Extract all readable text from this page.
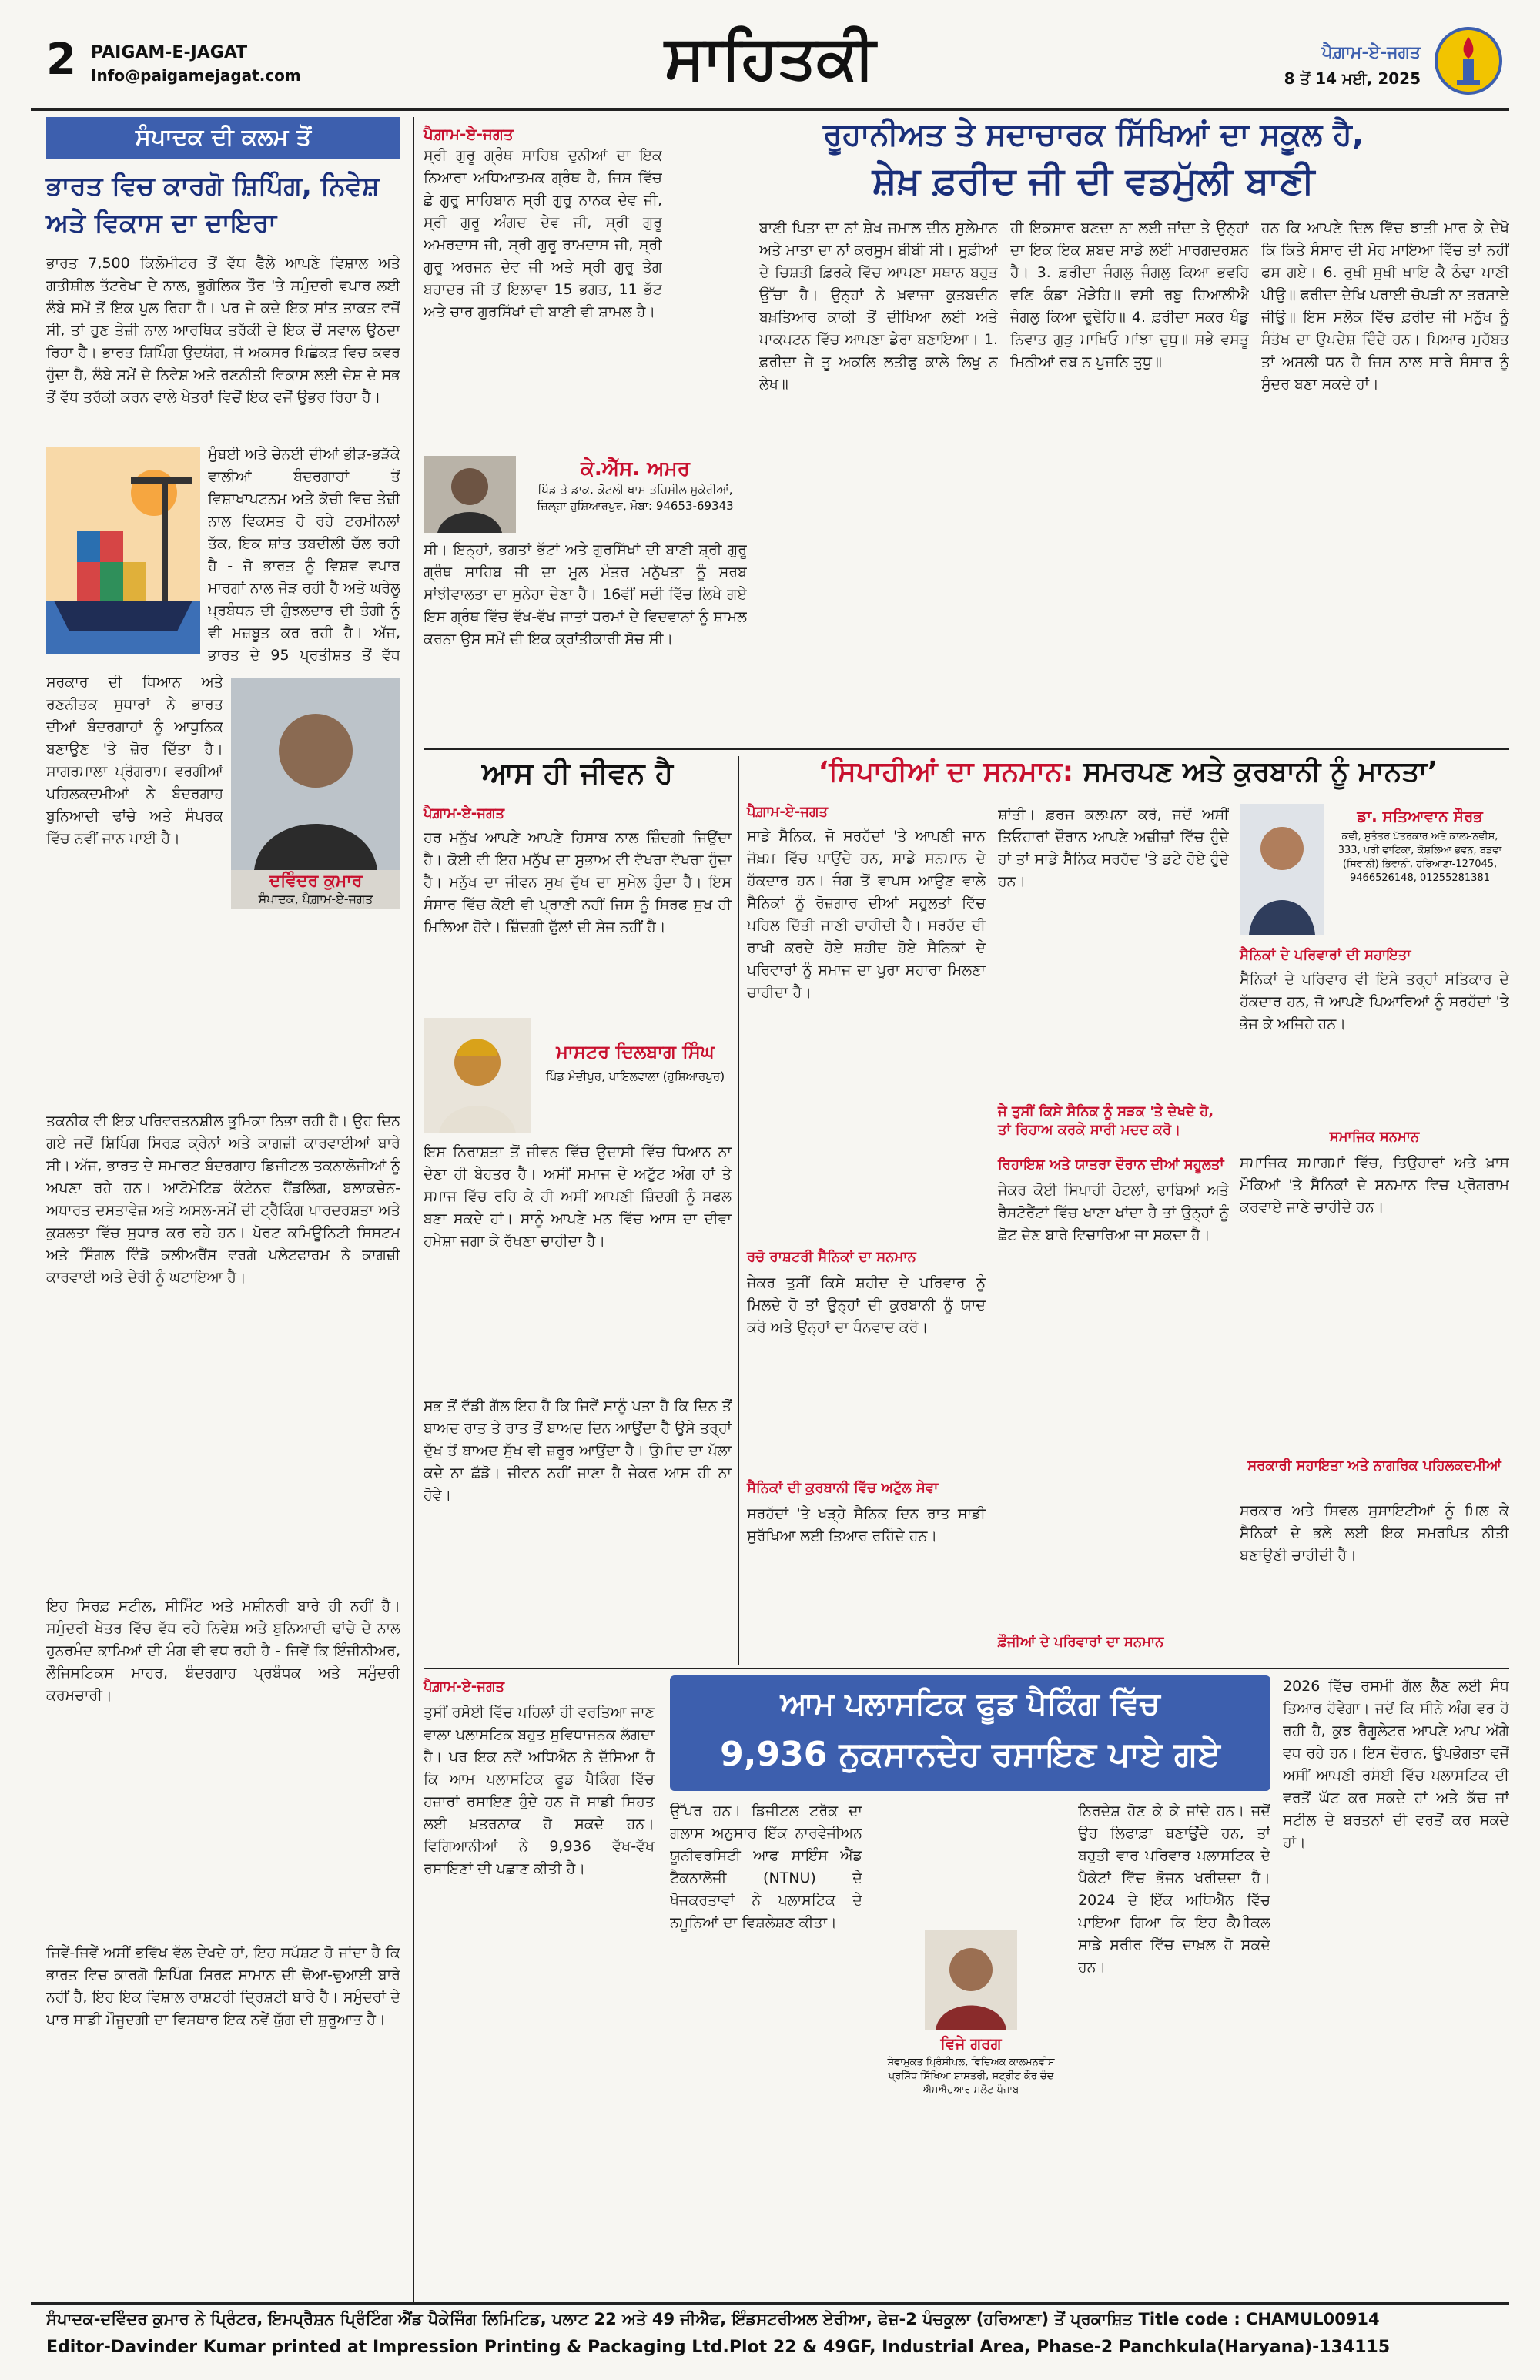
2 PAIGAM-E-JAGAT
Info@paigamejagat.com	ਸਾਹਿਤਕੀ	ਪੈਗ਼ਾਮ-ਏ-ਜਗਤ
8 ਤੋਂ 14 ਮਈ, 2025
ਸੰਪਾਦਕ ਦੀ ਕਲਮ ਤੋਂ
ਭਾਰਤ ਵਿਚ ਕਾਰਗੋ ਸ਼ਿਪਿੰਗ, ਨਿਵੇਸ਼ ਅਤੇ ਵਿਕਾਸ ਦਾ ਦਾਇਰਾ
ਭਾਰਤ 7,500 ਕਿਲੋਮੀਟਰ ਤੋਂ ਵੱਧ ਫੈਲੇ ਆਪਣੇ ਵਿਸ਼ਾਲ ਅਤੇ ਗਤੀਸ਼ੀਲ ਤੱਟਰੇਖਾ ਦੇ ਨਾਲ, ਭੂਗੋਲਿਕ ਤੌਰ 'ਤੇ ਸਮੁੰਦਰੀ ਵਪਾਰ ਲਈ ਲੰਬੇ ਸਮੇਂ ਤੋਂ ਇਕ ਪੁਲ ਰਿਹਾ ਹੈ। ਪਰ ਜੇ ਕਦੇ ਇਕ ਸਾਂਤ ਤਾਕਤ ਵਜੋਂ ਸੀ, ਤਾਂ ਹੁਣ ਤੇਜ਼ੀ ਨਾਲ ਆਰਥਿਕ ਤਰੱਕੀ ਦੇ ਇਕ ਚੌਂ ਸਵਾਲ ਉਠਦਾ ਰਿਹਾ ਹੈ। ਭਾਰਤ ਸ਼ਿਪਿੰਗ ਉਦਯੋਗ, ਜੋ ਅਕਸਰ ਪਿਛੋਕੜ ਵਿਚ ਕਵਰ ਹੁੰਦਾ ਹੈ, ਲੰਬੇ ਸਮੇਂ ਦੇ ਨਿਵੇਸ਼ ਅਤੇ ਰਣਨੀਤੀ ਵਿਕਾਸ ਲਈ ਦੇਸ਼ ਦੇ ਸਭ ਤੋਂ ਵੱਧ ਤਰੱਕੀ ਕਰਨ ਵਾਲੇ ਖੇਤਰਾਂ ਵਿਚੋਂ ਇਕ ਵਜੋਂ ਉਭਰ ਰਿਹਾ ਹੈ।
ਮੁੰਬਈ ਅਤੇ ਚੇਨਈ ਦੀਆਂ ਭੀੜ-ਭੜੱਕੇ ਵਾਲੀਆਂ ਬੰਦਰਗਾਹਾਂ ਤੋਂ ਵਿਸ਼ਾਖਾਪਟਨਮ ਅਤੇ ਕੋਚੀ ਵਿਚ ਤੇਜ਼ੀ ਨਾਲ ਵਿਕਸਤ ਹੋ ਰਹੇ ਟਰਮੀਨਲਾਂ ਤੱਕ, ਇਕ ਸ਼ਾਂਤ ਤਬਦੀਲੀ ਚੱਲ ਰਹੀ ਹੈ - ਜੋ ਭਾਰਤ ਨੂੰ ਵਿਸ਼ਵ ਵਪਾਰ ਮਾਰਗਾਂ ਨਾਲ ਜੋੜ ਰਹੀ ਹੈ ਅਤੇ ਘਰੇਲੂ ਪ੍ਰਬੰਧਨ ਦੀ ਗੁੰਝਲਦਾਰ ਦੀ ਤੰਗੀ ਨੂੰ ਵੀ ਮਜ਼ਬੂਤ ਕਰ ਰਹੀ ਹੈ। ਅੱਜ, ਭਾਰਤ ਦੇ 95 ਪ੍ਰਤੀਸ਼ਤ ਤੋਂ ਵੱਧ
ਸਰਕਾਰ ਦੀ ਧਿਆਨ ਅਤੇ ਰਣਨੀਤਕ ਸੁਧਾਰਾਂ ਨੇ ਭਾਰਤ ਦੀਆਂ ਬੰਦਰਗਾਹਾਂ ਨੂੰ ਆਧੁਨਿਕ ਬਣਾਉਣ 'ਤੇ ਜ਼ੋਰ ਦਿੱਤਾ ਹੈ। ਸਾਗਰਮਾਲਾ ਪ੍ਰੋਗਰਾਮ ਵਰਗੀਆਂ ਪਹਿਲਕਦਮੀਆਂ ਨੇ ਬੰਦਰਗਾਹ ਬੁਨਿਆਦੀ ਢਾਂਚੇ ਅਤੇ ਸੰਪਰਕ ਵਿੱਚ ਨਵੀਂ ਜਾਨ ਪਾਈ ਹੈ।
ਦਵਿੰਦਰ ਕੁਮਾਰ
ਸੰਪਾਦਕ, ਪੈਗ਼ਾਮ-ਏ-ਜਗਤ
ਤਕਨੀਕ ਵੀ ਇਕ ਪਰਿਵਰਤਨਸ਼ੀਲ ਭੂਮਿਕਾ ਨਿਭਾ ਰਹੀ ਹੈ। ਉਹ ਦਿਨ ਗਏ ਜਦੋਂ ਸ਼ਿਪਿੰਗ ਸਿਰਫ਼ ਕ੍ਰੇਨਾਂ ਅਤੇ ਕਾਗਜ਼ੀ ਕਾਰਵਾਈਆਂ ਬਾਰੇ ਸੀ। ਅੱਜ, ਭਾਰਤ ਦੇ ਸਮਾਰਟ ਬੰਦਰਗਾਹ ਡਿਜੀਟਲ ਤਕਨਾਲੋਜੀਆਂ ਨੂੰ ਅਪਣਾ ਰਹੇ ਹਨ। ਆਟੋਮੇਟਿਡ ਕੰਟੇਨਰ ਹੈਂਡਲਿੰਗ, ਬਲਾਕਚੇਨ-ਅਧਾਰਤ ਦਸਤਾਵੇਜ਼ ਅਤੇ ਅਸਲ-ਸਮੇਂ ਦੀ ਟ੍ਰੈਕਿੰਗ ਪਾਰਦਰਸ਼ਤਾ ਅਤੇ ਕੁਸ਼ਲਤਾ ਵਿੱਚ ਸੁਧਾਰ ਕਰ ਰਹੇ ਹਨ। ਪੋਰਟ ਕਮਿਊਨਿਟੀ ਸਿਸਟਮ ਅਤੇ ਸਿੰਗਲ ਵਿੰਡੋ ਕਲੀਅਰੈਂਸ ਵਰਗੇ ਪਲੇਟਫਾਰਮ ਨੇ ਕਾਗਜ਼ੀ ਕਾਰਵਾਈ ਅਤੇ ਦੇਰੀ ਨੂੰ ਘਟਾਇਆ ਹੈ।
ਇਹ ਸਿਰਫ਼ ਸਟੀਲ, ਸੀਮਿੰਟ ਅਤੇ ਮਸ਼ੀਨਰੀ ਬਾਰੇ ਹੀ ਨਹੀਂ ਹੈ। ਸਮੁੰਦਰੀ ਖੇਤਰ ਵਿੱਚ ਵੱਧ ਰਹੇ ਨਿਵੇਸ਼ ਅਤੇ ਬੁਨਿਆਦੀ ਢਾਂਚੇ ਦੇ ਨਾਲ ਹੁਨਰਮੰਦ ਕਾਮਿਆਂ ਦੀ ਮੰਗ ਵੀ ਵਧ ਰਹੀ ਹੈ - ਜਿਵੇਂ ਕਿ ਇੰਜੀਨੀਅਰ, ਲੌਜਿਸਟਿਕਸ ਮਾਹਰ, ਬੰਦਰਗਾਹ ਪ੍ਰਬੰਧਕ ਅਤੇ ਸਮੁੰਦਰੀ ਕਰਮਚਾਰੀ।
ਜਿਵੇਂ-ਜਿਵੇਂ ਅਸੀਂ ਭਵਿੱਖ ਵੱਲ ਦੇਖਦੇ ਹਾਂ, ਇਹ ਸਪੱਸ਼ਟ ਹੋ ਜਾਂਦਾ ਹੈ ਕਿ ਭਾਰਤ ਵਿਚ ਕਾਰਗੋ ਸ਼ਿਪਿੰਗ ਸਿਰਫ਼ ਸਾਮਾਨ ਦੀ ਢੋਆ-ਢੁਆਈ ਬਾਰੇ ਨਹੀਂ ਹੈ, ਇਹ ਇਕ ਵਿਸ਼ਾਲ ਰਾਸ਼ਟਰੀ ਦ੍ਰਿਸ਼ਟੀ ਬਾਰੇ ਹੈ। ਸਮੁੰਦਰਾਂ ਦੇ ਪਾਰ ਸਾਡੀ ਮੌਜੂਦਗੀ ਦਾ ਵਿਸਥਾਰ ਇਕ ਨਵੇਂ ਯੁੱਗ ਦੀ ਸ਼ੁਰੂਆਤ ਹੈ।
ਪੈਗ਼ਾਮ-ਏ-ਜਗਤ	ਰੂਹਾਨੀਅਤ ਤੇ ਸਦਾਚਾਰਕ ਸਿੱਖਿਆਂ ਦਾ ਸਕੂਲ ਹੈ,
ਸ਼ੇਖ਼ ਫ਼ਰੀਦ ਜੀ ਦੀ ਵਡਮੁੱਲੀ ਬਾਣੀ
ਸ੍ਰੀ ਗੁਰੂ ਗ੍ਰੰਥ ਸਾਹਿਬ ਦੁਨੀਆਂ ਦਾ ਇਕ ਨਿਆਰਾ ਅਧਿਆਤਮਕ ਗ੍ਰੰਥ ਹੈ, ਜਿਸ ਵਿੱਚ ਛੇ ਗੁਰੂ ਸਾਹਿਬਾਨ ਸ੍ਰੀ ਗੁਰੂ ਨਾਨਕ ਦੇਵ ਜੀ, ਸ੍ਰੀ ਗੁਰੂ ਅੰਗਦ ਦੇਵ ਜੀ, ਸ੍ਰੀ ਗੁਰੂ ਅਮਰਦਾਸ ਜੀ, ਸ੍ਰੀ ਗੁਰੂ ਰਾਮਦਾਸ ਜੀ, ਸ੍ਰੀ ਗੁਰੂ ਅਰਜਨ ਦੇਵ ਜੀ ਅਤੇ ਸ੍ਰੀ ਗੁਰੂ ਤੇਗ ਬਹਾਦਰ ਜੀ ਤੋਂ ਇਲਾਵਾ 15 ਭਗਤ, 11 ਭੱਟ ਅਤੇ ਚਾਰ ਗੁਰਸਿੱਖਾਂ ਦੀ ਬਾਣੀ ਵੀ ਸ਼ਾਮਲ ਹੈ।
ਕੇ.ਐੱਸ. ਅਮਰ
ਪਿੰਡ ਤੇ ਡਾਕ. ਕੋਟਲੀ ਖਾਸ ਤਹਿਸੀਲ ਮੁਕੇਰੀਆਂ, ਜ਼ਿਲ੍ਹਾ ਹੁਸ਼ਿਆਰਪੁਰ, ਮੋਬਾ: 94653-69343
ਸੀ। ਇਨ੍ਹਾਂ, ਭਗਤਾਂ ਭੱਟਾਂ ਅਤੇ ਗੁਰਸਿੱਖਾਂ ਦੀ ਬਾਣੀ ਸ਼੍ਰੀ ਗੁਰੂ ਗ੍ਰੰਥ ਸਾਹਿਬ ਜੀ ਦਾ ਮੂਲ ਮੰਤਰ ਮਨੁੱਖਤਾ ਨੂੰ ਸਰਬ ਸਾਂਝੀਵਾਲਤਾ ਦਾ ਸੁਨੇਹਾ ਦੇਣਾ ਹੈ। 16ਵੀਂ ਸਦੀ ਵਿੱਚ ਲਿਖੇ ਗਏ ਇਸ ਗ੍ਰੰਥ ਵਿੱਚ ਵੱਖ-ਵੱਖ ਜਾਤਾਂ ਧਰਮਾਂ ਦੇ ਵਿਦਵਾਨਾਂ ਨੂੰ ਸ਼ਾਮਲ ਕਰਨਾ ਉਸ ਸਮੇਂ ਦੀ ਇਕ ਕ੍ਰਾਂਤੀਕਾਰੀ ਸੋਚ ਸੀ।
ਬਾਣੀ ਪਿਤਾ ਦਾ ਨਾਂ ਸ਼ੇਖ ਜਮਾਲ ਦੀਨ ਸੁਲੇਮਾਨ ਅਤੇ ਮਾਤਾ ਦਾ ਨਾਂ ਕਰਸੂਮ ਬੀਬੀ ਸੀ। ਸੂਫ਼ੀਆਂ ਦੇ ਚਿਸ਼ਤੀ ਫ਼ਿਰਕੇ ਵਿੱਚ ਆਪਣਾ ਸਥਾਨ ਬਹੁਤ ਉੱਚਾ ਹੈ। ਉਨ੍ਹਾਂ ਨੇ ਖ਼ਵਾਜਾ ਕੁਤਬਦੀਨ ਬਖ਼ਤਿਆਰ ਕਾਕੀ ਤੋਂ ਦੀਖਿਆ ਲਈ ਅਤੇ ਪਾਕਪਟਨ ਵਿੱਚ ਆਪਣਾ ਡੇਰਾ ਬਣਾਇਆ। 1. ਫ਼ਰੀਦਾ ਜੇ ਤੂ ਅਕਲਿ ਲਤੀਫੁ ਕਾਲੇ ਲਿਖੁ ਨ ਲੇਖ॥
ਹੀ ਇਕਸਾਰ ਬਣਦਾ ਨਾ ਲਈ ਜਾਂਦਾ ਤੇ ਉਨ੍ਹਾਂ ਦਾ ਇਕ ਇਕ ਸ਼ਬਦ ਸਾਡੇ ਲਈ ਮਾਰਗਦਰਸ਼ਨ ਹੈ। 3. ਫ਼ਰੀਦਾ ਜੰਗਲੁ ਜੰਗਲੁ ਕਿਆ ਭਵਹਿ ਵਣਿ ਕੰਡਾ ਮੋੜੇਹਿ॥ ਵਸੀ ਰਬੁ ਹਿਆਲੀਐ ਜੰਗਲੁ ਕਿਆ ਢੂਢੇਹਿ॥ 4. ਫ਼ਰੀਦਾ ਸਕਰ ਖੰਡੁ ਨਿਵਾਤ ਗੁੜੁ ਮਾਖਿਓ ਮਾਂਝਾ ਦੁਧੁ॥ ਸਭੇ ਵਸਤੂ ਮਿਠੀਆਂ ਰਬ ਨ ਪੁਜਨਿ ਤੁਧੁ॥
ਹਨ ਕਿ ਆਪਣੇ ਦਿਲ ਵਿੱਚ ਝਾਤੀ ਮਾਰ ਕੇ ਦੇਖੋ ਕਿ ਕਿਤੇ ਸੰਸਾਰ ਦੀ ਮੋਹ ਮਾਇਆ ਵਿੱਚ ਤਾਂ ਨਹੀਂ ਫਸ ਗਏ। 6. ਰੁਖੀ ਸੁਖੀ ਖਾਇ ਕੈ ਠੰਢਾ ਪਾਣੀ ਪੀਉ॥ ਫਰੀਦਾ ਦੇਖਿ ਪਰਾਈ ਚੋਪੜੀ ਨਾ ਤਰਸਾਏ ਜੀਉ॥ ਇਸ ਸਲੋਕ ਵਿੱਚ ਫ਼ਰੀਦ ਜੀ ਮਨੁੱਖ ਨੂੰ ਸੰਤੋਖ ਦਾ ਉਪਦੇਸ਼ ਦਿੰਦੇ ਹਨ। ਪਿਆਰ ਮੁਹੱਬਤ ਤਾਂ ਅਸਲੀ ਧਨ ਹੈ ਜਿਸ ਨਾਲ ਸਾਰੇ ਸੰਸਾਰ ਨੂੰ ਸੁੰਦਰ ਬਣਾ ਸਕਦੇ ਹਾਂ।
ਆਸ ਹੀ ਜੀਵਨ ਹੈ
ਪੈਗ਼ਾਮ-ਏ-ਜਗਤ
ਹਰ ਮਨੁੱਖ ਆਪਣੇ ਆਪਣੇ ਹਿਸਾਬ ਨਾਲ ਜ਼ਿੰਦਗੀ ਜਿਉਂਦਾ ਹੈ। ਕੋਈ ਵੀ ਇਹ ਮਨੁੱਖ ਦਾ ਸੁਭਾਅ ਵੀ ਵੱਖਰਾ ਵੱਖਰਾ ਹੁੰਦਾ ਹੈ। ਮਨੁੱਖ ਦਾ ਜੀਵਨ ਸੁਖ ਦੁੱਖ ਦਾ ਸੁਮੇਲ ਹੁੰਦਾ ਹੈ। ਇਸ ਸੰਸਾਰ ਵਿੱਚ ਕੋਈ ਵੀ ਪ੍ਰਾਣੀ ਨਹੀਂ ਜਿਸ ਨੂੰ ਸਿਰਫ ਸੁਖ ਹੀ ਮਿਲਿਆ ਹੋਵੇ। ਜ਼ਿੰਦਗੀ ਫੁੱਲਾਂ ਦੀ ਸੇਜ ਨਹੀਂ ਹੈ।
ਮਾਸਟਰ ਦਿਲਬਾਗ ਸਿੰਘ
ਪਿੰਡ ਮੰਦੀਪੁਰ, ਪਾਇਲਵਾਲਾ (ਹੁਸ਼ਿਆਰਪੁਰ)
ਇਸ ਨਿਰਾਸ਼ਤਾ ਤੋਂ ਜੀਵਨ ਵਿੱਚ ਉਦਾਸੀ ਵਿੱਚ ਧਿਆਨ ਨਾ ਦੇਣਾ ਹੀ ਬੇਹਤਰ ਹੈ। ਅਸੀਂ ਸਮਾਜ ਦੇ ਅਟੁੱਟ ਅੰਗ ਹਾਂ ਤੇ ਸਮਾਜ ਵਿੱਚ ਰਹਿ ਕੇ ਹੀ ਅਸੀਂ ਆਪਣੀ ਜ਼ਿੰਦਗੀ ਨੂੰ ਸਫਲ ਬਣਾ ਸਕਦੇ ਹਾਂ। ਸਾਨੂੰ ਆਪਣੇ ਮਨ ਵਿੱਚ ਆਸ ਦਾ ਦੀਵਾ ਹਮੇਸ਼ਾ ਜਗਾ ਕੇ ਰੱਖਣਾ ਚਾਹੀਦਾ ਹੈ।
ਸਭ ਤੋਂ ਵੱਡੀ ਗੱਲ ਇਹ ਹੈ ਕਿ ਜਿਵੇਂ ਸਾਨੂੰ ਪਤਾ ਹੈ ਕਿ ਦਿਨ ਤੋਂ ਬਾਅਦ ਰਾਤ ਤੇ ਰਾਤ ਤੋਂ ਬਾਅਦ ਦਿਨ ਆਉਂਦਾ ਹੈ ਉਸੇ ਤਰ੍ਹਾਂ ਦੁੱਖ ਤੋਂ ਬਾਅਦ ਸੁੱਖ ਵੀ ਜ਼ਰੂਰ ਆਉਂਦਾ ਹੈ। ਉਮੀਦ ਦਾ ਪੱਲਾ ਕਦੇ ਨਾ ਛੱਡੋ। ਜੀਵਨ ਨਹੀਂ ਜਾਣਾ ਹੈ ਜੇਕਰ ਆਸ ਹੀ ਨਾ ਹੋਵੇ।
‘ਸਿਪਾਹੀਆਂ ਦਾ ਸਨਮਾਨ: ਸਮਰਪਣ ਅਤੇ ਕੁਰਬਾਨੀ ਨੂੰ ਮਾਨਤਾ’
ਪੈਗ਼ਾਮ-ਏ-ਜਗਤ
ਸਾਡੇ ਸੈਨਿਕ, ਜੋ ਸਰਹੱਦਾਂ 'ਤੇ ਆਪਣੀ ਜਾਨ ਜੋਖ਼ਮ ਵਿੱਚ ਪਾਉਂਦੇ ਹਨ, ਸਾਡੇ ਸਨਮਾਨ ਦੇ ਹੱਕਦਾਰ ਹਨ। ਜੰਗ ਤੋਂ ਵਾਪਸ ਆਉਣ ਵਾਲੇ ਸੈਨਿਕਾਂ ਨੂੰ ਰੋਜ਼ਗਾਰ ਦੀਆਂ ਸਹੂਲਤਾਂ ਵਿੱਚ ਪਹਿਲ ਦਿੱਤੀ ਜਾਣੀ ਚਾਹੀਦੀ ਹੈ। ਸਰਹੱਦ ਦੀ ਰਾਖੀ ਕਰਦੇ ਹੋਏ ਸ਼ਹੀਦ ਹੋਏ ਸੈਨਿਕਾਂ ਦੇ ਪਰਿਵਾਰਾਂ ਨੂੰ ਸਮਾਜ ਦਾ ਪੂਰਾ ਸਹਾਰਾ ਮਿਲਣਾ ਚਾਹੀਦਾ ਹੈ।
ਰਚੋ ਰਾਸ਼ਟਰੀ ਸੈਨਿਕਾਂ ਦਾ ਸਨਮਾਨ
ਜੇਕਰ ਤੁਸੀਂ ਕਿਸੇ ਸ਼ਹੀਦ ਦੇ ਪਰਿਵਾਰ ਨੂੰ ਮਿਲਦੇ ਹੋ ਤਾਂ ਉਨ੍ਹਾਂ ਦੀ ਕੁਰਬਾਨੀ ਨੂੰ ਯਾਦ ਕਰੋ ਅਤੇ ਉਨ੍ਹਾਂ ਦਾ ਧੰਨਵਾਦ ਕਰੋ।
ਸੈਨਿਕਾਂ ਦੀ ਕੁਰਬਾਨੀ ਵਿੱਚ ਅਟੁੱਲ ਸੇਵਾ
ਸਰਹੱਦਾਂ 'ਤੇ ਖੜ੍ਹੇ ਸੈਨਿਕ ਦਿਨ ਰਾਤ ਸਾਡੀ ਸੁਰੱਖਿਆ ਲਈ ਤਿਆਰ ਰਹਿੰਦੇ ਹਨ।
ਸ਼ਾਂਤੀ। ਫ਼ਰਜ ਕਲਪਨਾ ਕਰੋ, ਜਦੋਂ ਅਸੀਂ ਤਿਓਹਾਰਾਂ ਦੌਰਾਨ ਆਪਣੇ ਅਜ਼ੀਜ਼ਾਂ ਵਿੱਚ ਹੁੰਦੇ ਹਾਂ ਤਾਂ ਸਾਡੇ ਸੈਨਿਕ ਸਰਹੱਦ 'ਤੇ ਡਟੇ ਹੋਏ ਹੁੰਦੇ ਹਨ।
ਜੇ ਤੁਸੀਂ ਕਿਸੇ ਸੈਨਿਕ ਨੂੰ ਸੜਕ 'ਤੇ ਦੇਖਦੇ ਹੋ, ਤਾਂ ਰਿਹਾਅ ਕਰਕੇ ਸਾਰੀ ਮਦਦ ਕਰੋ।
ਰਿਹਾਇਸ਼ ਅਤੇ ਯਾਤਰਾ ਦੌਰਾਨ ਦੀਆਂ ਸਹੂਲਤਾਂ
ਜੇਕਰ ਕੋਈ ਸਿਪਾਹੀ ਹੋਟਲਾਂ, ਢਾਬਿਆਂ ਅਤੇ ਰੈਸਟੋਰੈਂਟਾਂ ਵਿੱਚ ਖਾਣਾ ਖਾਂਦਾ ਹੈ ਤਾਂ ਉਨ੍ਹਾਂ ਨੂੰ ਛੋਟ ਦੇਣ ਬਾਰੇ ਵਿਚਾਰਿਆ ਜਾ ਸਕਦਾ ਹੈ।
ਫ਼ੌਜੀਆਂ ਦੇ ਪਰਿਵਾਰਾਂ ਦਾ ਸਨਮਾਨ
ਡਾ. ਸਤਿਆਵਾਨ ਸੌਰਭ
ਕਵੀ, ਸੁਤੰਤਰ ਪੱਤਰਕਾਰ ਅਤੇ ਕਾਲਮਨਵੀਸ, 333, ਪਰੀ ਵਾਟਿਕਾ, ਕੋਸ਼ਲਿਆ ਭਵਨ, ਬਡਵਾ (ਸਿਵਾਨੀ) ਭਿਵਾਨੀ, ਹਰਿਆਣਾ-127045, 9466526148, 01255281381
ਸੈਨਿਕਾਂ ਦੇ ਪਰਿਵਾਰਾਂ ਦੀ ਸਹਾਇਤਾ
ਸੈਨਿਕਾਂ ਦੇ ਪਰਿਵਾਰ ਵੀ ਇਸੇ ਤਰ੍ਹਾਂ ਸਤਿਕਾਰ ਦੇ ਹੱਕਦਾਰ ਹਨ, ਜੋ ਆਪਣੇ ਪਿਆਰਿਆਂ ਨੂੰ ਸਰਹੱਦਾਂ 'ਤੇ ਭੇਜ ਕੇ ਅਜਿਹੇ ਹਨ।
ਸਮਾਜਿਕ ਸਨਮਾਨ
ਸਮਾਜਿਕ ਸਮਾਗਮਾਂ ਵਿੱਚ, ਤਿਉਹਾਰਾਂ ਅਤੇ ਖ਼ਾਸ ਮੌਕਿਆਂ 'ਤੇ ਸੈਨਿਕਾਂ ਦੇ ਸਨਮਾਨ ਵਿਚ ਪ੍ਰੋਗਰਾਮ ਕਰਵਾਏ ਜਾਣੇ ਚਾਹੀਦੇ ਹਨ।
ਸਰਕਾਰੀ ਸਹਾਇਤਾ ਅਤੇ ਨਾਗਰਿਕ ਪਹਿਲਕਦਮੀਆਂ
ਸਰਕਾਰ ਅਤੇ ਸਿਵਲ ਸੁਸਾਇਟੀਆਂ ਨੂੰ ਮਿਲ ਕੇ ਸੈਨਿਕਾਂ ਦੇ ਭਲੇ ਲਈ ਇਕ ਸਮਰਪਿਤ ਨੀਤੀ ਬਣਾਉਣੀ ਚਾਹੀਦੀ ਹੈ।
ਪੈਗ਼ਾਮ-ਏ-ਜਗਤ
ਤੁਸੀਂ ਰਸੋਈ ਵਿੱਚ ਪਹਿਲਾਂ ਹੀ ਵਰਤਿਆ ਜਾਣ ਵਾਲਾ ਪਲਾਸਟਿਕ ਬਹੁਤ ਸੁਵਿਧਾਜਨਕ ਲੱਗਦਾ ਹੈ। ਪਰ ਇਕ ਨਵੇਂ ਅਧਿਐਨ ਨੇ ਦੱਸਿਆ ਹੈ ਕਿ ਆਮ ਪਲਾਸਟਿਕ ਫੂਡ ਪੈਕਿੰਗ ਵਿੱਚ ਹਜ਼ਾਰਾਂ ਰਸਾਇਣ ਹੁੰਦੇ ਹਨ ਜੋ ਸਾਡੀ ਸਿਹਤ ਲਈ ਖ਼ਤਰਨਾਕ ਹੋ ਸਕਦੇ ਹਨ। ਵਿਗਿਆਨੀਆਂ ਨੇ 9,936 ਵੱਖ-ਵੱਖ ਰਸਾਇਣਾਂ ਦੀ ਪਛਾਣ ਕੀਤੀ ਹੈ।
ਆਮ ਪਲਾਸਟਿਕ ਫੂਡ ਪੈਕਿੰਗ ਵਿੱਚ
9,936 ਨੁਕਸਾਨਦੇਹ ਰਸਾਇਣ ਪਾਏ ਗਏ
ਉੱਪਰ ਹਨ। ਡਿਜੀਟਲ ਟਰੱਕ ਦਾ ਗਲਾਸ ਅਨੁਸਾਰ ਇੱਕ ਨਾਰਵੇਜੀਅਨ ਯੂਨੀਵਰਸਿਟੀ ਆਫ ਸਾਇੰਸ ਐਂਡ ਟੈਕਨਾਲੋਜੀ (NTNU) ਦੇ ਖੋਜਕਰਤਾਵਾਂ ਨੇ ਪਲਾਸਟਿਕ ਦੇ ਨਮੂਨਿਆਂ ਦਾ ਵਿਸ਼ਲੇਸ਼ਣ ਕੀਤਾ।
ਵਿਜੇ ਗਰਗ
ਸੇਵਾਮੁਕਤ ਪ੍ਰਿੰਸੀਪਲ, ਵਿਦਿਅਕ ਕਾਲਮਨਵੀਸ ਪ੍ਰਸਿੱਧ ਸਿੱਖਿਆ ਸ਼ਾਸਤਰੀ, ਸਟ੍ਰੀਟ ਕੌਰ ਚੰਦ ਐਮਐਚਆਰ ਮਲੋਟ ਪੰਜਾਬ
ਨਿਰਦੇਸ਼ ਹੋਣ ਕੇ ਕੇ ਜਾਂਦੇ ਹਨ। ਜਦੋਂ ਉਹ ਲਿਫਾਫ਼ਾ ਬਣਾਉਂਦੇ ਹਨ, ਤਾਂ ਬਹੁਤੀ ਵਾਰ ਪਰਿਵਾਰ ਪਲਾਸਟਿਕ ਦੇ ਪੈਕੇਟਾਂ ਵਿੱਚ ਭੋਜਨ ਖਰੀਦਦਾ ਹੈ। 2024 ਦੇ ਇੱਕ ਅਧਿਐਨ ਵਿੱਚ ਪਾਇਆ ਗਿਆ ਕਿ ਇਹ ਕੈਮੀਕਲ ਸਾਡੇ ਸਰੀਰ ਵਿੱਚ ਦਾਖ਼ਲ ਹੋ ਸਕਦੇ ਹਨ।
2026 ਵਿੱਚ ਰਸਮੀ ਗੱਲ ਲੈਣ ਲਈ ਸੰਧ ਤਿਆਰ ਹੋਵੇਗਾ। ਜਦੋਂ ਕਿ ਸੀਨੇ ਅੰਗ ਵਰ ਹੋ ਰਹੀ ਹੈ, ਕੁਝ ਰੈਗੂਲੇਟਰ ਆਪਣੇ ਆਪ ਅੱਗੇ ਵਧ ਰਹੇ ਹਨ। ਇਸ ਦੌਰਾਨ, ਉਪਭੋਗਤਾ ਵਜੋਂ ਅਸੀਂ ਆਪਣੀ ਰਸੋਈ ਵਿੱਚ ਪਲਾਸਟਿਕ ਦੀ ਵਰਤੋਂ ਘੱਟ ਕਰ ਸਕਦੇ ਹਾਂ ਅਤੇ ਕੱਚ ਜਾਂ ਸਟੀਲ ਦੇ ਬਰਤਨਾਂ ਦੀ ਵਰਤੋਂ ਕਰ ਸਕਦੇ ਹਾਂ।
ਸੰਪਾਦਕ-ਦਵਿੰਦਰ ਕੁਮਾਰ ਨੇ ਪ੍ਰਿੰਟਰ, ਇਮਪ੍ਰੈਸ਼ਨ ਪ੍ਰਿੰਟਿੰਗ ਐਂਡ ਪੈਕੇਜਿੰਗ ਲਿਮਿਟਿਡ, ਪਲਾਟ 22 ਅਤੇ 49 ਜੀਐਫ, ਇੰਡਸਟਰੀਅਲ ਏਰੀਆ, ਫੇਜ਼-2 ਪੰਚਕੂਲਾ (ਹਰਿਆਣਾ) ਤੋਂ ਪ੍ਰਕਾਸ਼ਿਤ Title code : CHAMUL00914
Editor-Davinder Kumar printed at Impression Printing & Packaging Ltd.Plot 22 & 49GF, Industrial Area, Phase-2 Panchkula(Haryana)-134115
